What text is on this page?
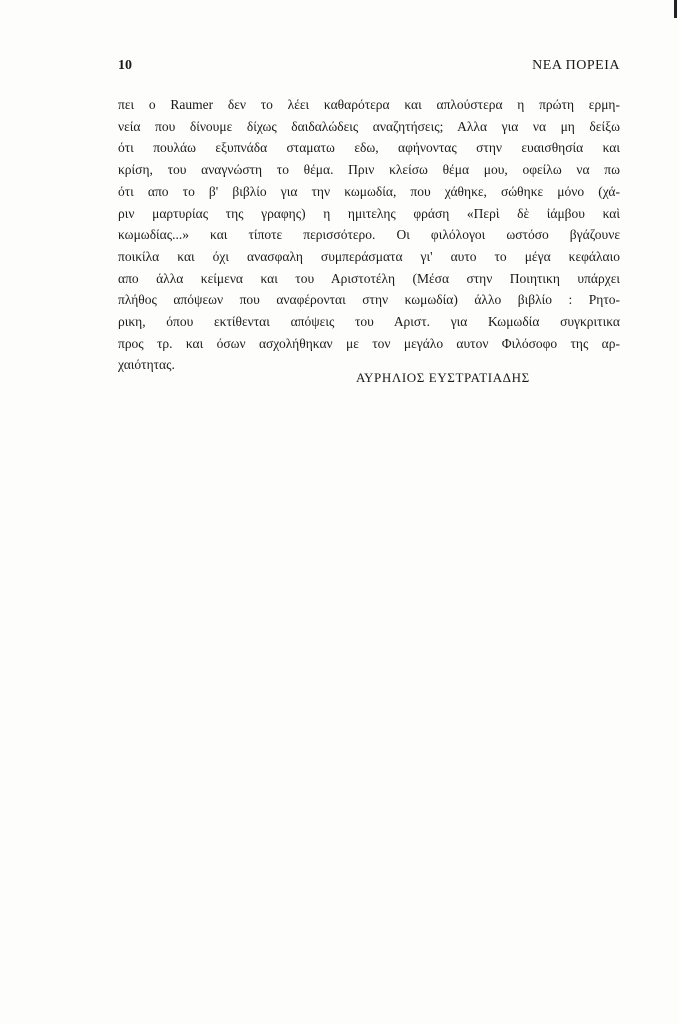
10	ΝΕΑ ΠΟΡΕΙΑ
πει ο Raumer δεν το λέει καθαρότερα και απλούστερα η πρώτη ερμη-
νεία που δίνουμε δίχως δαιδαλώδεις αναζητήσεις; Αλλα για να μη δείξω
ότι πουλάω εξυπνάδα σταματω εδω, αφήνοντας στην ευαισθησία και
κρίση, του αναγνώστη το θέμα. Πριν κλείσω θέμα μου, οφείλω να πω
ότι απο το β' βιβλίο για την κωμωδία, που χάθηκε, σώθηκε μόνο (χά-
ριν μαρτυρίας της γραφης) η ημιτελης φράση «Περὶ δὲ ἰάμβου καὶ
κωμωδίας...» και τίποτε περισσότερο. Οι φιλόλογοι ωστόσο βγάζουνε
ποικίλα και όχι ανασφαλη συμπεράσματα γι' αυτο το μέγα κεφάλαιο
απο άλλα κείμενα και του Αριστοτέλη (Μέσα στην Ποιητικη υπάρχει
πλήθος απόψεων που αναφέρονται στην κωμωδία) άλλο βιβλίο : Ρητο-
ρικη, όπου εκτίθενται απόψεις του Αριστ. για Κωμωδία συγκριτικα
προς τρ. και όσων ασχολήθηκαν με τον μεγάλο αυτον Φιλόσοφο της αρ-
χαιότητας.
ΑΥΡΗΛΙΟΣ ΕΥΣΤΡΑΤΙΑΔΗΣ
